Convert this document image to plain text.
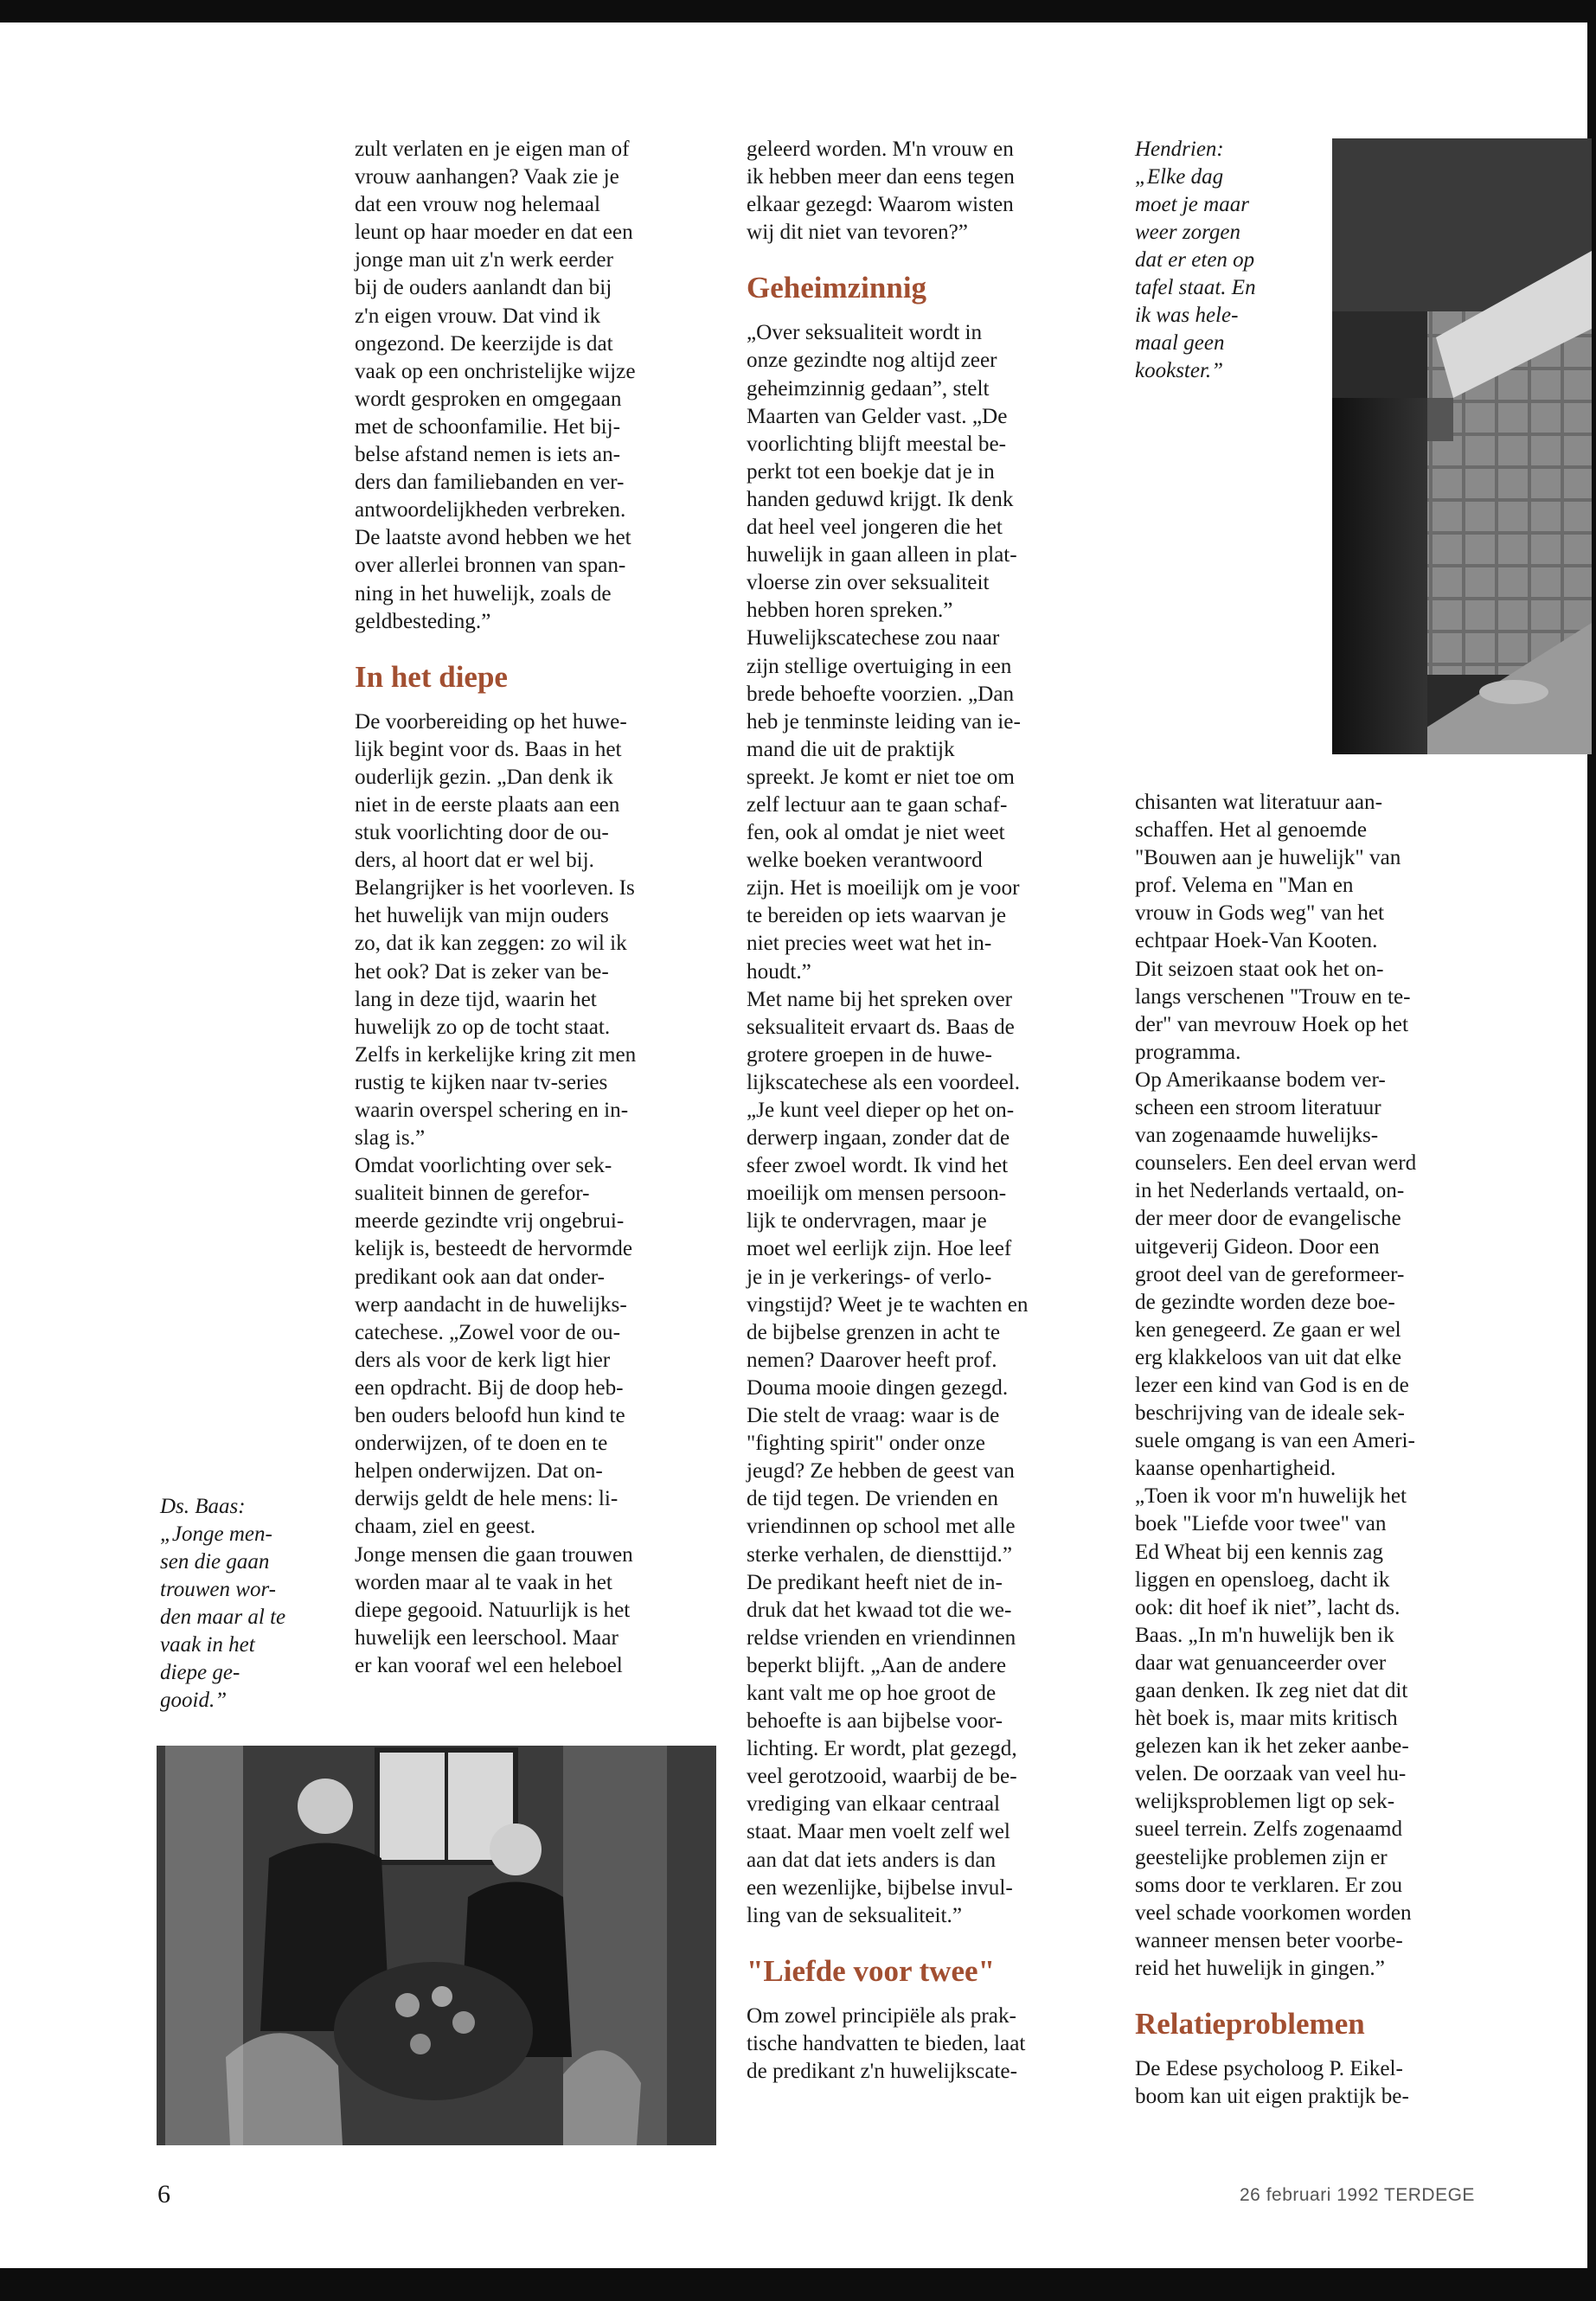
zult verlaten en je eigen man of
vrouw aanhangen? Vaak zie je
dat een vrouw nog helemaal
leunt op haar moeder en dat een
jonge man uit z'n werk eerder
bij de ouders aanlandt dan bij
z'n eigen vrouw. Dat vind ik
ongezond. De keerzijde is dat
vaak op een onchristelijke wijze
wordt gesproken en omgegaan
met de schoonfamilie. Het bij-
belse afstand nemen is iets an-
ders dan familiebanden en ver-
antwoordelijkheden verbreken.
De laatste avond hebben we het
over allerlei bronnen van span-
ning in het huwelijk, zoals de
geldbesteding.”

In het diepe

De voorbereiding op het huwe-
lijk begint voor ds. Baas in het
ouderlijk gezin. „Dan denk ik
niet in de eerste plaats aan een
stuk voorlichting door de ou-
ders, al hoort dat er wel bij.
Belangrijker is het voorleven. Is
het huwelijk van mijn ouders
zo, dat ik kan zeggen: zo wil ik
het ook? Dat is zeker van be-
lang in deze tijd, waarin het
huwelijk zo op de tocht staat.
Zelfs in kerkelijke kring zit men
rustig te kijken naar tv-series
waarin overspel schering en in-
slag is.”

Omdat voorlichting over sek-
sualiteit binnen de gerefor-
meerde gezindte vrij ongebrui-
kelijk is, besteedt de hervormde
predikant ook aan dat onder-
werp aandacht in de huwelijks-
catechese. „Zowel voor de ou-
ders als voor de kerk ligt hier
een opdracht. Bij de doop heb-
ben ouders beloofd hun kind te
onderwijzen, of te doen en te
helpen onderwijzen. Dat on-
derwijs geldt de hele mens: li-
chaam, ziel en geest.

Jonge mensen die gaan trouwen
worden maar al te vaak in het
diepe gegooid. Natuurlijk is het
huwelijk een leerschool. Maar
er kan vooraf wel een heleboel

geleerd worden. M'n vrouw en
ik hebben meer dan eens tegen
elkaar gezegd: Waarom wisten
wij dit niet van tevoren?”

Geheimzinnig

„Over seksualiteit wordt in
onze gezindte nog altijd zeer
geheimzinnig gedaan”, stelt
Maarten van Gelder vast. „De
voorlichting blijft meestal be-
perkt tot een boekje dat je in
handen geduwd krijgt. Ik denk
dat heel veel jongeren die het
huwelijk in gaan alleen in plat-
vloerse zin over seksualiteit
hebben horen spreken.”

Huwelijkscatechese zou naar
zijn stellige overtuiging in een
brede behoefte voorzien. „Dan
heb je tenminste leiding van ie-
mand die uit de praktijk
spreekt. Je komt er niet toe om
zelf lectuur aan te gaan schaf-
fen, ook al omdat je niet weet
welke boeken verantwoord
zijn. Het is moeilijk om je voor
te bereiden op iets waarvan je
niet precies weet wat het in-
houdt.”

Met name bij het spreken over
seksualiteit ervaart ds. Baas de
grotere groepen in de huwe-
lijkscatechese als een voordeel.
„Je kunt veel dieper op het on-
derwerp ingaan, zonder dat de
sfeer zwoel wordt. Ik vind het
moeilijk om mensen persoon-
lijk te ondervragen, maar je
moet wel eerlijk zijn. Hoe leef
je in je verkerings- of verlo-
vingstijd? Weet je te wachten en
de bijbelse grenzen in acht te
nemen? Daarover heeft prof.
Douma mooie dingen gezegd.
Die stelt de vraag: waar is de
"fighting spirit" onder onze
jeugd? Ze hebben de geest van
de tijd tegen. De vrienden en
vriendinnen op school met alle
sterke verhalen, de diensttijd.”

De predikant heeft niet de in-
druk dat het kwaad tot die we-
reldse vrienden en vriendinnen
beperkt blijft. „Aan de andere
kant valt me op hoe groot de
behoefte is aan bijbelse voor-
lichting. Er wordt, plat gezegd,
veel gerotzooid, waarbij de be-
vrediging van elkaar centraal
staat. Maar men voelt zelf wel
aan dat dat iets anders is dan
een wezenlijke, bijbelse invul-
ling van de seksualiteit.”

"Liefde voor twee"

Om zowel principiële als prak-
tische handvatten te bieden, laat
de predikant z'n huwelijkscate-

chisanten wat literatuur aan-
schaffen. Het al genoemde
"Bouwen aan je huwelijk" van
prof. Velema en "Man en
vrouw in Gods weg" van het
echtpaar Hoek-Van Kooten.
Dit seizoen staat ook het on-
langs verschenen "Trouw en te-
der" van mevrouw Hoek op het
programma.

Op Amerikaanse bodem ver-
scheen een stroom literatuur
van zogenaamde huwelijks-
counselers. Een deel ervan werd
in het Nederlands vertaald, on-
der meer door de evangelische
uitgeverij Gideon. Door een
groot deel van de gereformeer-
de gezindte worden deze boe-
ken genegeerd. Ze gaan er wel
erg klakkeloos van uit dat elke
lezer een kind van God is en de
beschrijving van de ideale sek-
suele omgang is van een Ameri-
kaanse openhartigheid.

„Toen ik voor m'n huwelijk het
boek "Liefde voor twee" van
Ed Wheat bij een kennis zag
liggen en opensloeg, dacht ik
ook: dit hoef ik niet”, lacht ds.
Baas. „In m'n huwelijk ben ik
daar wat genuanceerder over
gaan denken. Ik zeg niet dat dit
hèt boek is, maar mits kritisch
gelezen kan ik het zeker aanbe-
velen. De oorzaak van veel hu-
welijksproblemen ligt op sek-
sueel terrein. Zelfs zogenaamd
geestelijke problemen zijn er
soms door te verklaren. Er zou
veel schade voorkomen worden
wanneer mensen beter voorbe-
reid het huwelijk in gingen.”

Relatieproblemen

De Edese psycholoog P. Eikel-
boom kan uit eigen praktijk be-

Hendrien:
„Elke dag
moet je maar
weer zorgen
dat er eten op
tafel staat. En
ik was hele-
maal geen
kookster.”
Ds. Baas:
„Jonge men-
sen die gaan
trouwen wor-
den maar al te
vaak in het
diepe ge-
gooid.”
6	26 februari 1992 TERDEGE
